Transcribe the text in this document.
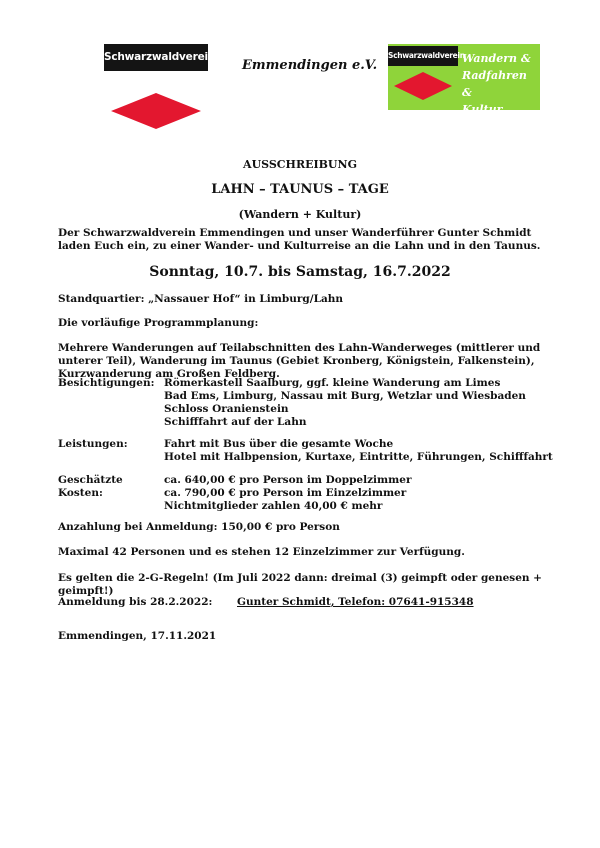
Schwarzwaldverein
Emmendingen e.V.
Schwarzwaldverein
Wandern &
Radfahren &
Kultur
AUSSCHREIBUNG
LAHN – TAUNUS – TAGE
(Wandern + Kultur)
Der Schwarzwaldverein Emmendingen und unser Wanderführer Gunter Schmidt laden Euch ein, zu einer Wander- und Kulturreise an die Lahn und in den Taunus.
Sonntag, 10.7. bis Samstag, 16.7.2022
Standquartier: „Nassauer Hof“ in Limburg/Lahn
Die vorläufige Programmplanung:
Mehrere Wanderungen auf Teilabschnitten des Lahn-Wanderweges (mittlerer und unterer Teil), Wanderung im Taunus (Gebiet Kronberg, Königstein, Falkenstein), Kurzwanderung am Großen Feldberg.
Besichtigungen: Römerkastell Saalburg, ggf. kleine Wanderung am Limes
Bad Ems, Limburg, Nassau mit Burg, Wetzlar und Wiesbaden
Schloss Oranienstein
Schifffahrt auf der Lahn
Leistungen:	Fahrt mit Bus über die gesamte Woche
Hotel mit Halbpension, Kurtaxe, Eintritte, Führungen, Schifffahrt
Geschätzte Kosten:
ca. 640,00 € pro Person im Doppelzimmer
ca. 790,00 € pro Person im Einzelzimmer
Nichtmitglieder zahlen 40,00 € mehr
Anzahlung bei Anmeldung: 150,00 € pro Person
Maximal 42 Personen und es stehen 12 Einzelzimmer zur Verfügung.
Es gelten die 2-G-Regeln! (Im Juli 2022 dann: dreimal (3) geimpft oder genesen + geimpft!)
Anmeldung bis 28.2.2022: Gunter Schmidt, Telefon: 07641-915348
Emmendingen, 17.11.2021
